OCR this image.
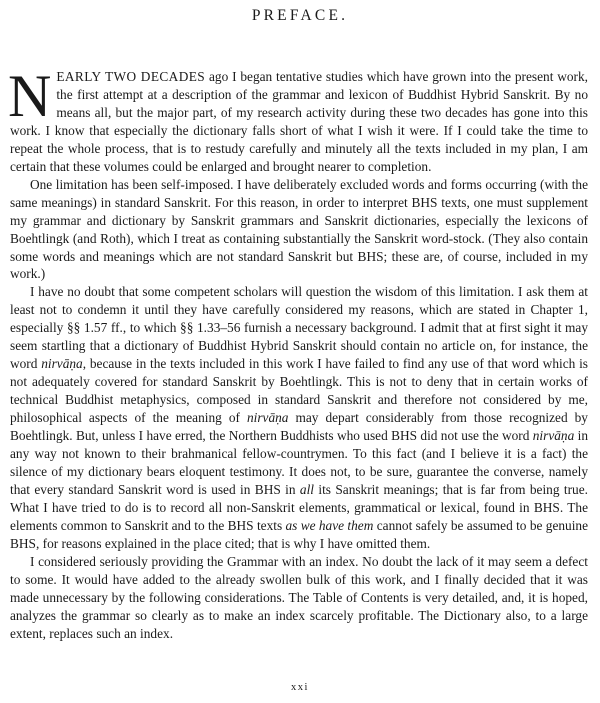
PREFACE.

NEARLY TWO DECADES ago I began tentative studies which have grown into the present work, the first attempt at a description of the grammar and lexicon of Buddhist Hybrid Sanskrit. By no means all, but the major part, of my research activity during these two decades has gone into this work. I know that especially the dictionary falls short of what I wish it were. If I could take the time to repeat the whole process, that is to restudy carefully and minutely all the texts included in my plan, I am certain that these volumes could be enlarged and brought nearer to completion.

One limitation has been self-imposed. I have deliberately excluded words and forms occurring (with the same meanings) in standard Sanskrit. For this reason, in order to interpret BHS texts, one must supplement my grammar and dictionary by Sanskrit grammars and Sanskrit dictionaries, especially the lexicons of Boehtlingk (and Roth), which I treat as containing substantially the Sanskrit word-stock. (They also contain some words and meanings which are not standard Sanskrit but BHS; these are, of course, included in my work.)

I have no doubt that some competent scholars will question the wisdom of this limitation. I ask them at least not to condemn it until they have carefully considered my reasons, which are stated in Chapter 1, especially §§ 1.57 ff., to which §§ 1.33–56 furnish a necessary background. I admit that at first sight it may seem startling that a dictionary of Buddhist Hybrid Sanskrit should contain no article on, for instance, the word nirvāṇa, because in the texts included in this work I have failed to find any use of that word which is not adequately covered for standard Sanskrit by Boehtlingk. This is not to deny that in certain works of technical Buddhist metaphysics, composed in standard Sanskrit and therefore not considered by me, philosophical aspects of the meaning of nirvāṇa may depart considerably from those recognized by Boehtlingk. But, unless I have erred, the Northern Buddhists who used BHS did not use the word nirvāṇa in any way not known to their brahmanical fellow-countrymen. To this fact (and I believe it is a fact) the silence of my dictionary bears eloquent testimony. It does not, to be sure, guarantee the converse, namely that every standard Sanskrit word is used in BHS in all its Sanskrit meanings; that is far from being true. What I have tried to do is to record all non-Sanskrit elements, grammatical or lexical, found in BHS. The elements common to Sanskrit and to the BHS texts as we have them cannot safely be assumed to be genuine BHS, for reasons explained in the place cited; that is why I have omitted them.

I considered seriously providing the Grammar with an index. No doubt the lack of it may seem a defect to some. It would have added to the already swollen bulk of this work, and I finally decided that it was made unnecessary by the following considerations. The Table of Contents is very detailed, and, it is hoped, analyzes the grammar so clearly as to make an index scarcely profitable. The Dictionary also, to a large extent, replaces such an index.

xxi
